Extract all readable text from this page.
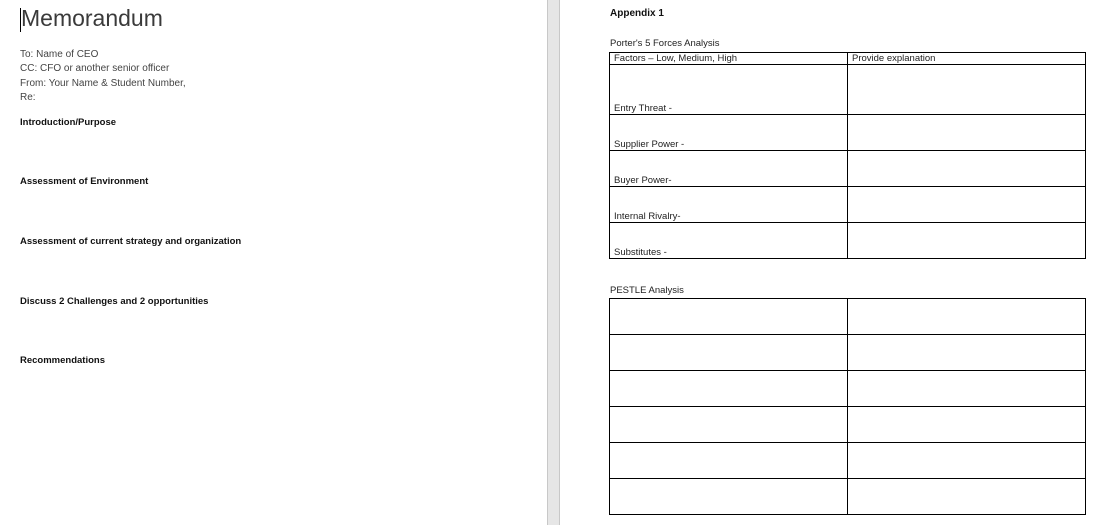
Memorandum
To: Name of CEO
CC: CFO or another senior officer
From: Your Name & Student Number,
Re:
Introduction/Purpose
Assessment of Environment
Assessment of current strategy and organization
Discuss 2 Challenges and 2 opportunities
Recommendations
Appendix 1
Porter's 5 Forces Analysis
Factors – Low, Medium, High	Provide explanation
Entry Threat -	
Supplier Power -	
Buyer Power-	
Internal Rivalry-	
Substitutes -	
PESTLE Analysis
